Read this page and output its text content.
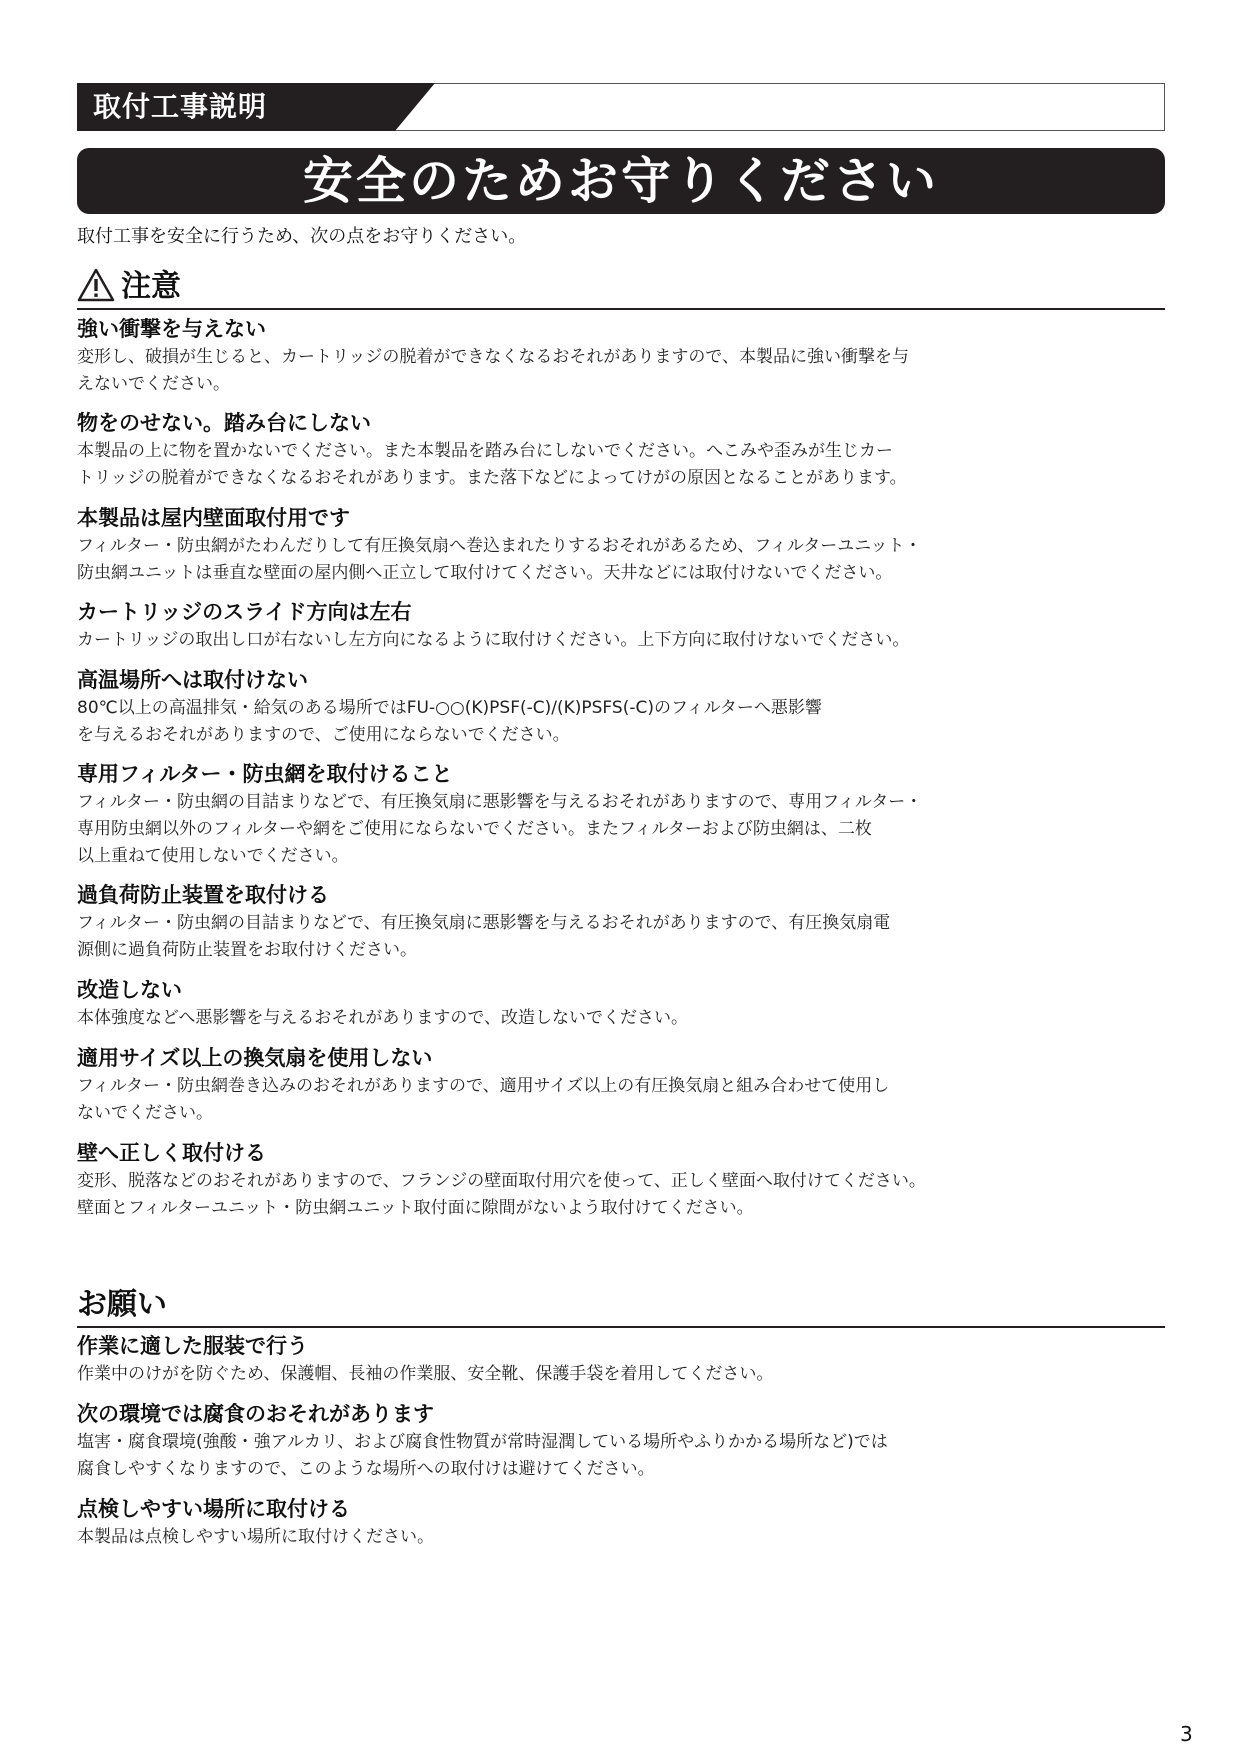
取付工事説明
安全のためお守りください
取付工事を安全に行うため、次の点をお守りください。
注意

強い衝撃を与えない

変形し、破損が生じると、カートリッジの脱着ができなくなるおそれがありますので、本製品に強い衝撃を与
えないでください。

物をのせない。踏み台にしない

本製品の上に物を置かないでください。また本製品を踏み台にしないでください。へこみや歪みが生じカー
トリッジの脱着ができなくなるおそれがあります。また落下などによってけがの原因となることがあります。

本製品は屋内壁面取付用です

フィルター・防虫網がたわんだりして有圧換気扇へ巻込まれたりするおそれがあるため、フィルターユニット・
防虫網ユニットは垂直な壁面の屋内側へ正立して取付けてください。天井などには取付けないでください。

カートリッジのスライド方向は左右

カートリッジの取出し口が右ないし左方向になるように取付けください。上下方向に取付けないでください。

高温場所へは取付けない

80℃以上の高温排気・給気のある場所ではFU-○○(K)PSF(-C)/(K)PSFS(-C)のフィルターへ悪影響
を与えるおそれがありますので、ご使用にならないでください。

専用フィルター・防虫網を取付けること

フィルター・防虫網の目詰まりなどで、有圧換気扇に悪影響を与えるおそれがありますので、専用フィルター・
専用防虫網以外のフィルターや網をご使用にならないでください。またフィルターおよび防虫網は、二枚
以上重ねて使用しないでください。

過負荷防止装置を取付ける

フィルター・防虫網の目詰まりなどで、有圧換気扇に悪影響を与えるおそれがありますので、有圧換気扇電
源側に過負荷防止装置をお取付けください。

改造しない

本体強度などへ悪影響を与えるおそれがありますので、改造しないでください。

適用サイズ以上の換気扇を使用しない

フィルター・防虫網巻き込みのおそれがありますので、適用サイズ以上の有圧換気扇と組み合わせて使用し
ないでください。

壁へ正しく取付ける

変形、脱落などのおそれがありますので、フランジの壁面取付用穴を使って、正しく壁面へ取付けてください。
壁面とフィルターユニット・防虫網ユニット取付面に隙間がないよう取付けてください。

お願い

作業に適した服装で行う

作業中のけがを防ぐため、保護帽、長袖の作業服、安全靴、保護手袋を着用してください。

次の環境では腐食のおそれがあります

塩害・腐食環境(強酸・強アルカリ、および腐食性物質が常時湿潤している場所やふりかかる場所など)では
腐食しやすくなりますので、このような場所への取付けは避けてください。

点検しやすい場所に取付ける

本製品は点検しやすい場所に取付けください。

3
